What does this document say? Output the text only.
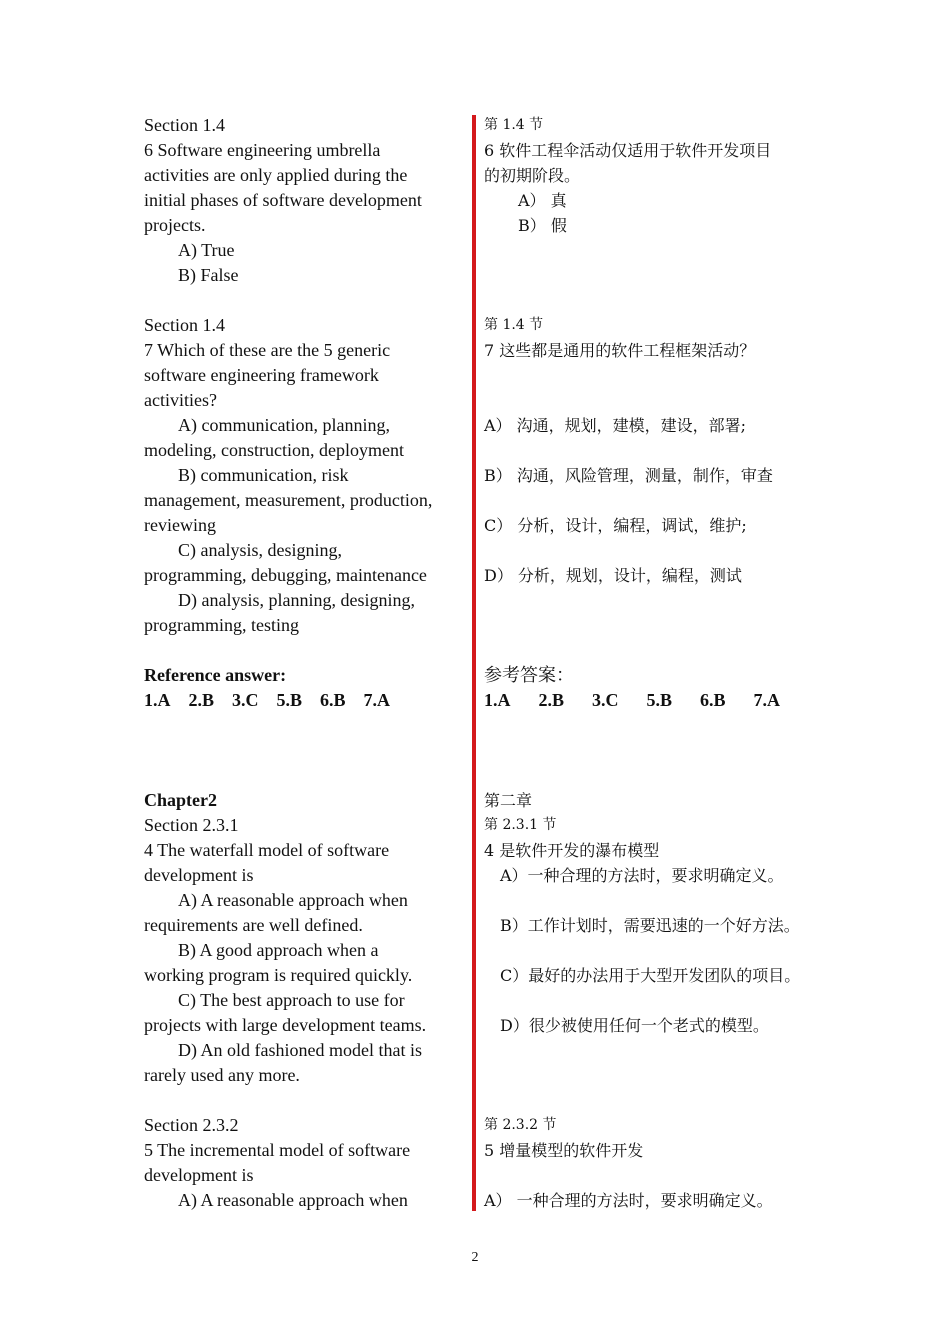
Section 1.4
6 Software engineering umbrella
activities are only applied during the
initial phases of software development
projects.
A) True
B) False
Section 1.4
7 Which of these are the 5 generic
software engineering framework
activities?
A) communication, planning,
modeling, construction, deployment
B) communication, risk
management, measurement, production,
reviewing
C) analysis, designing,
programming, debugging, maintenance
D) analysis, planning, designing,
programming, testing
Reference answer:
1.A 2.B 3.C 5.B 6.B 7.A
Chapter2
Section 2.3.1
4 The waterfall model of software
development is
A) A reasonable approach when
requirements are well defined.
B) A good approach when a
working program is required quickly.
C) The best approach to use for
projects with large development teams.
D) An old fashioned model that is
rarely used any more.
Section 2.3.2
5 The incremental model of software
development is
A) A reasonable approach when
第 1.4 节
6 软件工程伞活动仅适用于软件开发项目
的初期阶段。
A） 真
B） 假
第 1.4 节
7 这些都是通用的软件工程框架活动？
A） 沟通，规划，建模，建设，部署;
B） 沟通，风险管理，测量，制作，审查
C） 分析，设计，编程，调试，维护;
D） 分析，规划，设计，编程，测试
参考答案：
1.A 2.B 3.C 5.B 6.B 7.A
第二章
第 2.3.1 节
4 是软件开发的瀑布模型
A）一种合理的方法时，要求明确定义。
B）工作计划时，需要迅速的一个好方法。
C）最好的办法用于大型开发团队的项目。
D）很少被使用任何一个老式的模型。
第 2.3.2 节
5 增量模型的软件开发
A） 一种合理的方法时，要求明确定义。
2
